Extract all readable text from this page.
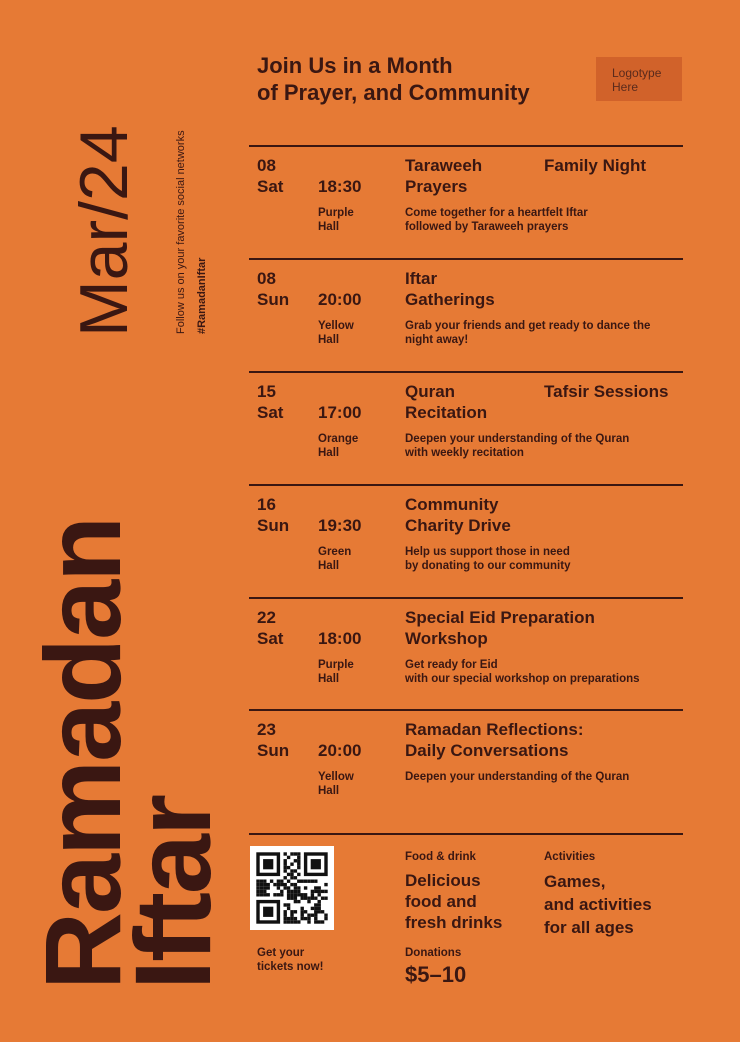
Ramadan
Iftar
Mar/24	Follow us on your favorite social networks #RamadanIftar
Join Us in a Month
of Prayer, and Community
Logotype
Here
08
Sat 18:30
Purple
Hall
Taraweeh
Prayers
Family Night
Come together for a heartfelt Iftar
followed by Taraweeh prayers
08
Sun 20:00
Yellow
Hall
Iftar
Gatherings
Grab your friends and get ready to dance the
night away!
15
Sat 17:00
Orange
Hall
Quran
Recitation
Tafsir Sessions
Deepen your understanding of the Quran
with weekly recitation
16
Sun 19:30
Green
Hall
Community
Charity Drive
Help us support those in need
by donating to our community
22
Sat 18:00
Purple
Hall
Special Eid Preparation
Workshop
Get ready for Eid
with our special workshop on preparations
23
Sun 20:00
Yellow
Hall
Ramadan Reflections:
Daily Conversations
Deepen your understanding of the Quran
Get your
tickets now!
Food & drink
Delicious
food and
fresh drinks
Activities
Games,
and activities
for all ages
Donations
$5–10
